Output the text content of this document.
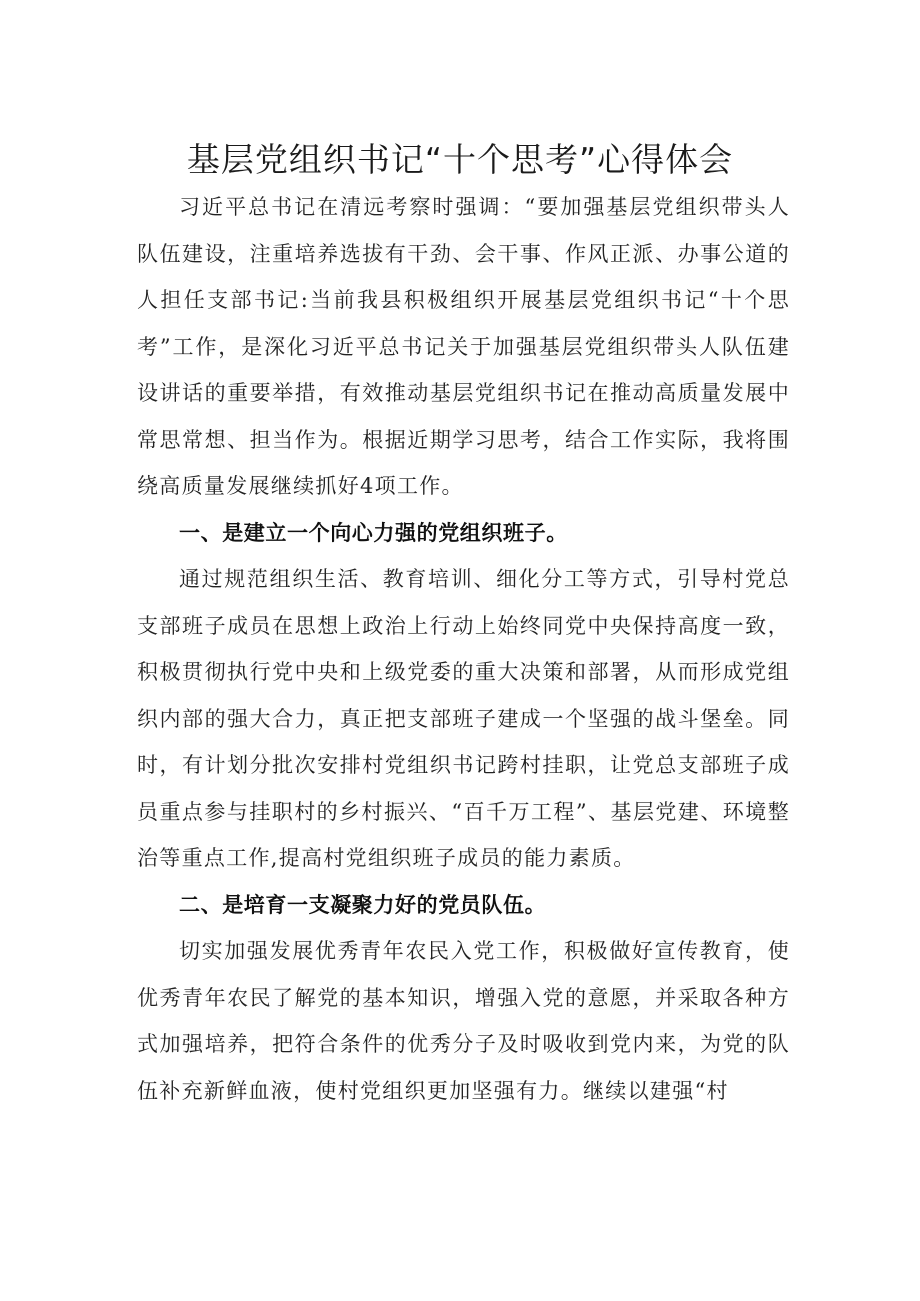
基层党组织书记“十个思考”心得体会

习近平总书记在清远考察时强调：“要加强基层党组织带头人队伍建设，注重培养选拔有干劲、会干事、作风正派、办事公道的人担任支部书记:当前我县积极组织开展基层党组织书记“十个思考”工作，是深化习近平总书记关于加强基层党组织带头人队伍建设讲话的重要举措，有效推动基层党组织书记在推动高质量发展中常思常想、担当作为。根据近期学习思考，结合工作实际，我将围绕高质量发展继续抓好4项工作。

一、是建立一个向心力强的党组织班子。

通过规范组织生活、教育培训、细化分工等方式，引导村党总支部班子成员在思想上政治上行动上始终同党中央保持高度一致，积极贯彻执行党中央和上级党委的重大决策和部署，从而形成党组织内部的强大合力，真正把支部班子建成一个坚强的战斗堡垒。同时，有计划分批次安排村党组织书记跨村挂职，让党总支部班子成员重点参与挂职村的乡村振兴、“百千万工程”、基层党建、环境整治等重点工作,提高村党组织班子成员的能力素质。

二、是培育一支凝聚力好的党员队伍。

切实加强发展优秀青年农民入党工作，积极做好宣传教育，使优秀青年农民了解党的基本知识，增强入党的意愿，并采取各种方式加强培养，把符合条件的优秀分子及时吸收到党内来，为党的队伍补充新鲜血液，使村党组织更加坚强有力。继续以建强“村
